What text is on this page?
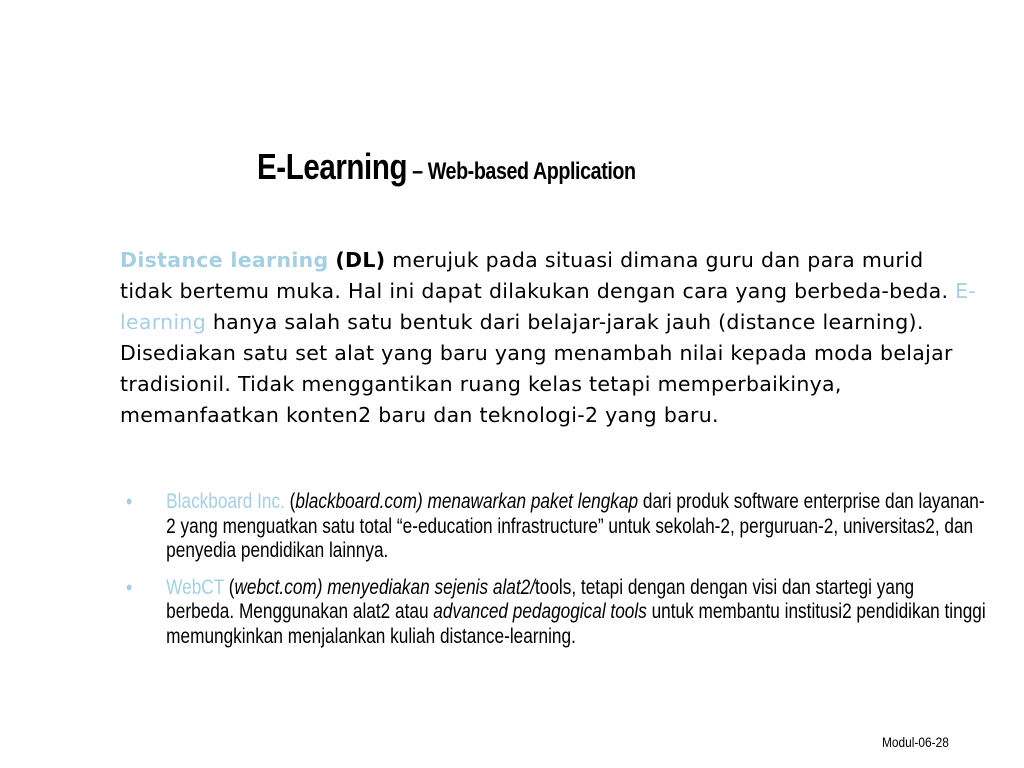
E-Learning – Web-based Application
Distance learning (DL) merujuk pada situasi dimana guru dan para murid tidak bertemu muka. Hal ini dapat dilakukan dengan cara yang berbeda-beda. E-learning hanya salah satu bentuk dari belajar-jarak jauh (distance learning). Disediakan satu set alat yang baru yang menambah nilai kepada moda belajar tradisionil. Tidak menggantikan ruang kelas tetapi memperbaikinya, memanfaatkan konten2 baru dan teknologi-2 yang baru.
• Blackboard Inc. (blackboard.com) menawarkan paket lengkap dari produk software enterprise dan layanan-2 yang menguatkan satu total “e-education infrastructure” untuk sekolah-2, perguruan-2, universitas2, dan penyedia pendidikan lainnya.
• WebCT (webct.com) menyediakan sejenis alat2/tools, tetapi dengan dengan visi dan startegi yang berbeda. Menggunakan alat2 atau advanced pedagogical tools untuk membantu institusi2 pendidikan tinggi memungkinkan menjalankan kuliah distance-learning.
Modul-06-28
